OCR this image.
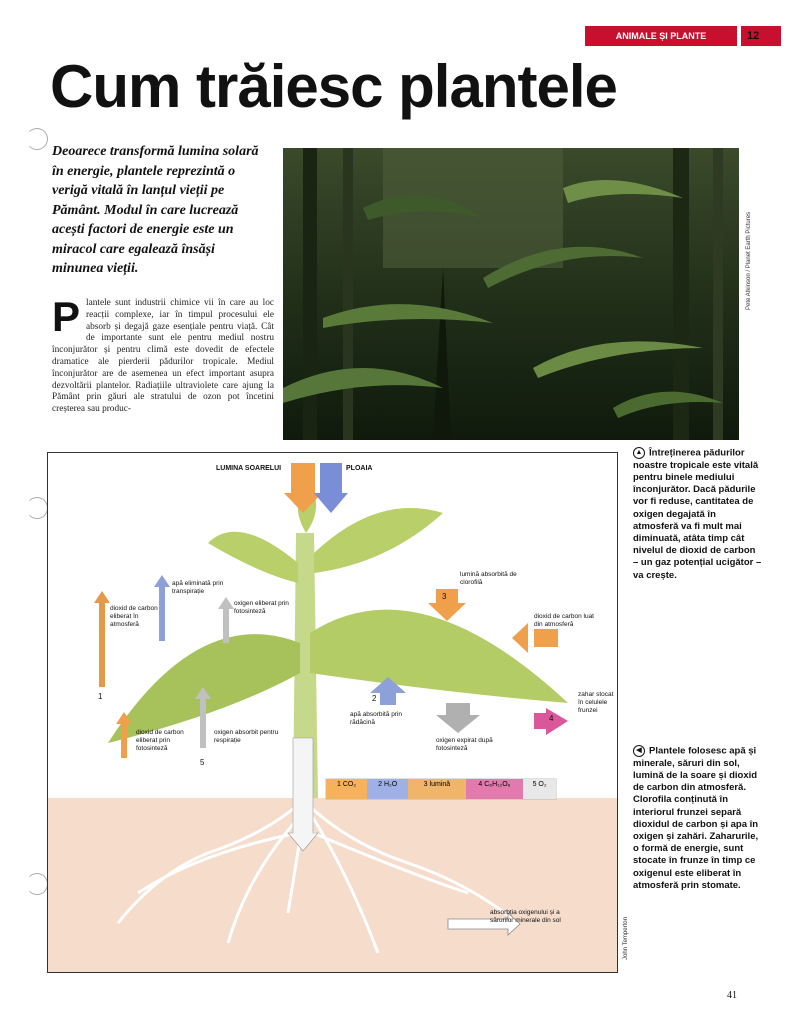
ANIMALE ȘI PLANTE	12
Cum trăiesc plantele
Deoarece transformă lumina solară în energie, plantele reprezintă o verigă vitală în lanțul vieții pe Pământ. Modul în care lucrează acești factori de energie este un miracol care egalează însăși minunea vieții.	Pete Atkinson / Planet Earth Pictures
P lantele sunt industrii chimice vii în care au loc reacții complexe, iar în timpul procesului ele absorb și degajă gaze esențiale pentru viață. Cât de importante sunt ele pentru mediul nostru înconjurător și pentru climă este dovedit de efectele dramatice ale pierderii pădurilor tropicale. Mediul înconjurător are de asemenea un efect important asupra dezvoltării plantelor. Radiațiile ultraviolete care ajung la Pământ prin găuri ale stratului de ozon pot încetini creșterea sau produc-
LUMINA SOARELUI	PLOAIA
apă eliminată prin transpirație
dioxid de carbon eliberat în atmosferă
oxigen eliberat prin fotosinteză
lumină absorbită de clorofilă
dioxid de carbon luat din atmosferă
zahar stocat în celulele frunzei
apă absorbită prin rădăcină
oxigen expirat după fotosinteză
dioxid de carbon eliberat prin fotosinteză
oxigen absorbit pentru respirație
absorbția oxigenului și a sărurilor minerale din sol
1	2
3
4
5
1 CO₂	2 H₂O	3 lumină	4 C₆H₁₂O₆	5 O₂
John Temperton
▲ Întreținerea pădurilor noastre tropicale este vitală pentru binele mediului înconjurător. Dacă pădurile vor fi reduse, cantitatea de oxigen degajată în atmosferă va fi mult mai diminuată, atâta timp cât nivelul de dioxid de carbon – un gaz potențial ucigător – va crește.
◀ Plantele folosesc apă și minerale, săruri din sol, lumină de la soare și dioxid de carbon din atmosferă. Clorofila conținută în interiorul frunzei separă dioxidul de carbon și apa în oxigen și zahări. Zaharurile, o formă de energie, sunt stocate în frunze în timp ce oxigenul este eliberat în atmosferă prin stomate.
41
